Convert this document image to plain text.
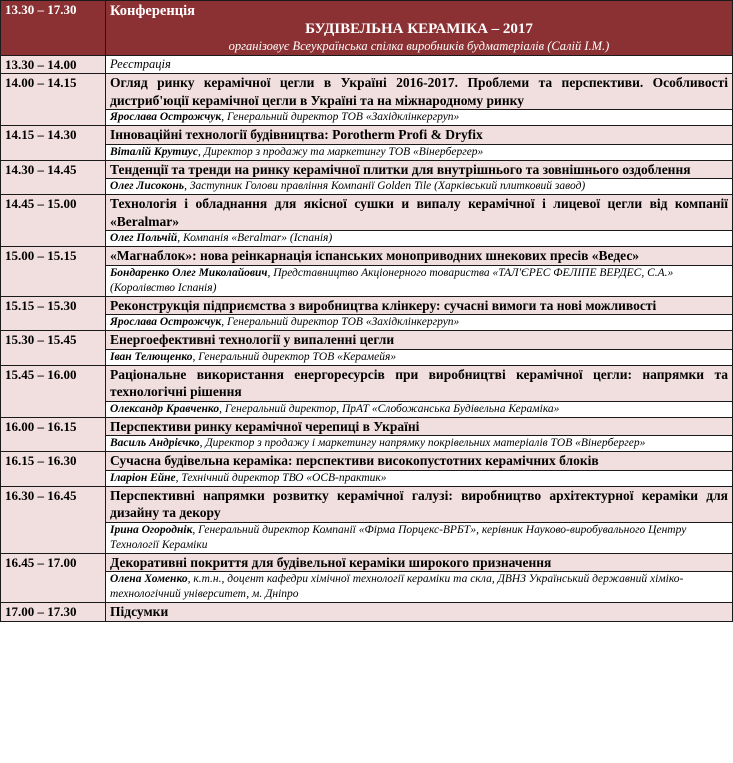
13.30 – 17.30	Конференція
БУДІВЕЛЬНА КЕРАМІКА – 2017
організовує Всеукраїнська спілка виробників будматеріалів (Салій І.М.)

13.30 – 14.00	Реєстрація
14.00 – 14.15	Огляд ринку керамічної цегли в Україні 2016-2017. Проблеми та перспективи. Особливості дистриб'юції керамічної цегли в Україні та на міжнародному ринку
	Ярослава Острожчук, Генеральний директор ТОВ «Західклінкергруп»
14.15 – 14.30	Інноваційні технології будівництва: Porotherm Profi & Dryfix
	Віталій Крутиус, Директор з продажу та маркетингу ТОВ «Вінербергер»
14.30 – 14.45	Тенденції та тренди на ринку керамічної плитки для внутрішнього та зовнішнього оздоблення
	Олег Лисоконь, Заступник Голови правління Компанії Golden Tile (Харківський плитковий завод)
14.45 – 15.00	Технологія і обладнання для якісної сушки и випалу керамічної і лицевої цегли від компанії «Beralmar»
	Олег Польчій, Компанія «Beralmar» (Іспанія)
15.00 – 15.15	«Магнаблок»: нова реінкарнація іспанських моноприводних шнекових пресів «Ведес»
	Бондаренко Олег Миколайович, Представництво Акціонерного товариства «ТАЛ'ЄРЕС ФЕЛІПЕ ВЕРДЕС, С.А.» (Королівство Іспанія)
15.15 – 15.30	Реконструкція підприємства з виробництва клінкеру: сучасні вимоги та нові можливості
	Ярослава Острожчук, Генеральний директор ТОВ «Західклінкергруп»
15.30 – 15.45	Енергоефективні технології у випаленні цегли
	Іван Телющенко, Генеральний директор ТОВ «Керамейя»
15.45 – 16.00	Раціональне використання енергоресурсів при виробництві керамічної цегли: напрямки та технологічні рішення
	Олександр Кравченко, Генеральний директор, ПрАТ «Слобожанська Будівельна Кераміка»
16.00 – 16.15	Перспективи ринку керамічної черепиці в Україні
	Василь Андрієчко, Директор з продажу і маркетингу напрямку покрівельних матеріалів ТОВ «Вінербергер»
16.15 – 16.30	Сучасна будівельна кераміка: перспективи високопустотних керамічних блоків
	Іларіон Ейне, Технічний директор ТВО «ОСВ-практик»
16.30 – 16.45	Перспективні напрямки розвитку керамічної галузі: виробництво архітектурної кераміки для дизайну та декору
	Ірина Огороднік, Генеральний директор Компанії «Фірма Порцекс-ВРБТ», керівник Науково-виробувального Центру Технології Кераміки
16.45 – 17.00	Декоративні покриття для будівельної кераміки широкого призначення
	Олена Хоменко, к.т.н., доцент кафедри хімічної технології кераміки та скла, ДВНЗ Український державний хіміко-технологічний університет, м. Дніпро
17.00 – 17.30	Підсумки
